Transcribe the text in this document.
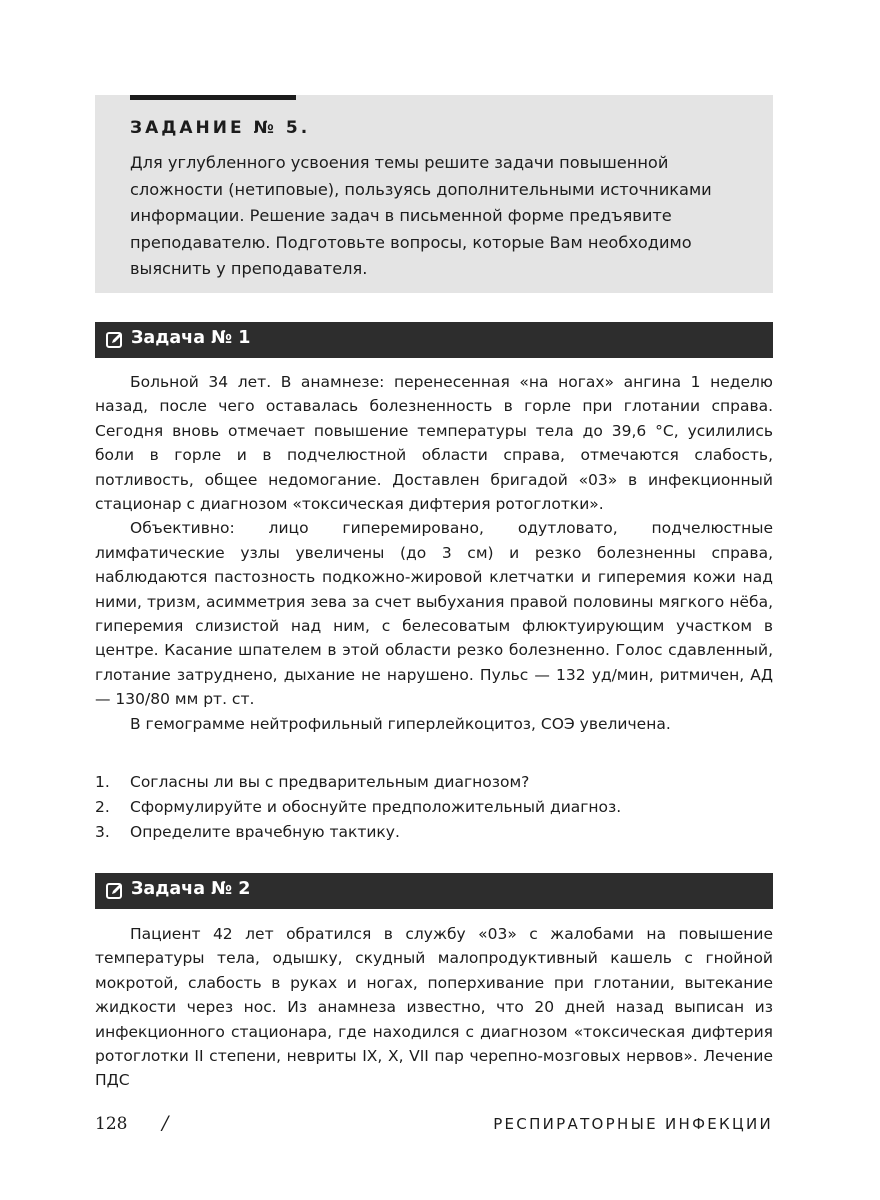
ЗАДАНИЕ № 5.
Для углубленного усвоения темы решите задачи повышенной сложности (нетиповые), пользуясь дополнительными источниками информации. Решение задач в письменной форме предъявите преподавателю. Подготовьте вопросы, которые Вам необходимо выяснить у преподавателя.
Задача № 1

Больной 34 лет. В анамнезе: перенесенная «на ногах» ангина 1 неделю назад, после чего оставалась болезненность в горле при глотании справа. Сегодня вновь отмечает повышение температуры тела до 39,6 °С, усилились боли в горле и в подчелюстной области справа, отмечаются слабость, потливость, общее недомогание. Доставлен бригадой «03» в инфекционный стационар с диагнозом «токсическая дифтерия ротоглотки».

Объективно: лицо гиперемировано, одутловато, подчелюстные лимфатические узлы увеличены (до 3 см) и резко болезненны справа, наблюдаются пастозность подкожно-жировой клетчатки и гиперемия кожи над ними, тризм, асимметрия зева за счет выбухания правой половины мягкого нёба, гиперемия слизистой над ним, с белесоватым флюктуирующим участком в центре. Касание шпателем в этой области резко болезненно. Голос сдавленный, глотание затруднено, дыхание не нарушено. Пульс — 132 уд/мин, ритмичен, АД — 130/80 мм рт. ст.

В гемограмме нейтрофильный гиперлейкоцитоз, СОЭ увеличена.

1. Согласны ли вы с предварительным диагнозом?
2. Сформулируйте и обоснуйте предположительный диагноз.
3. Определите врачебную тактику.
Задача № 2

Пациент 42 лет обратился в службу «03» с жалобами на повышение температуры тела, одышку, скудный малопродуктивный кашель с гнойной мокротой, слабость в руках и ногах, поперхивание при глотании, вытекание жидкости через нос. Из анамнеза известно, что 20 дней назад выписан из инфекционного стационара, где находился с диагнозом «токсическая дифтерия ротоглотки II степени, невриты IX, X, VII пар черепно-мозговых нервов». Лечение ПДС

128 /	РЕСПИРАТОРНЫЕ ИНФЕКЦИИ
